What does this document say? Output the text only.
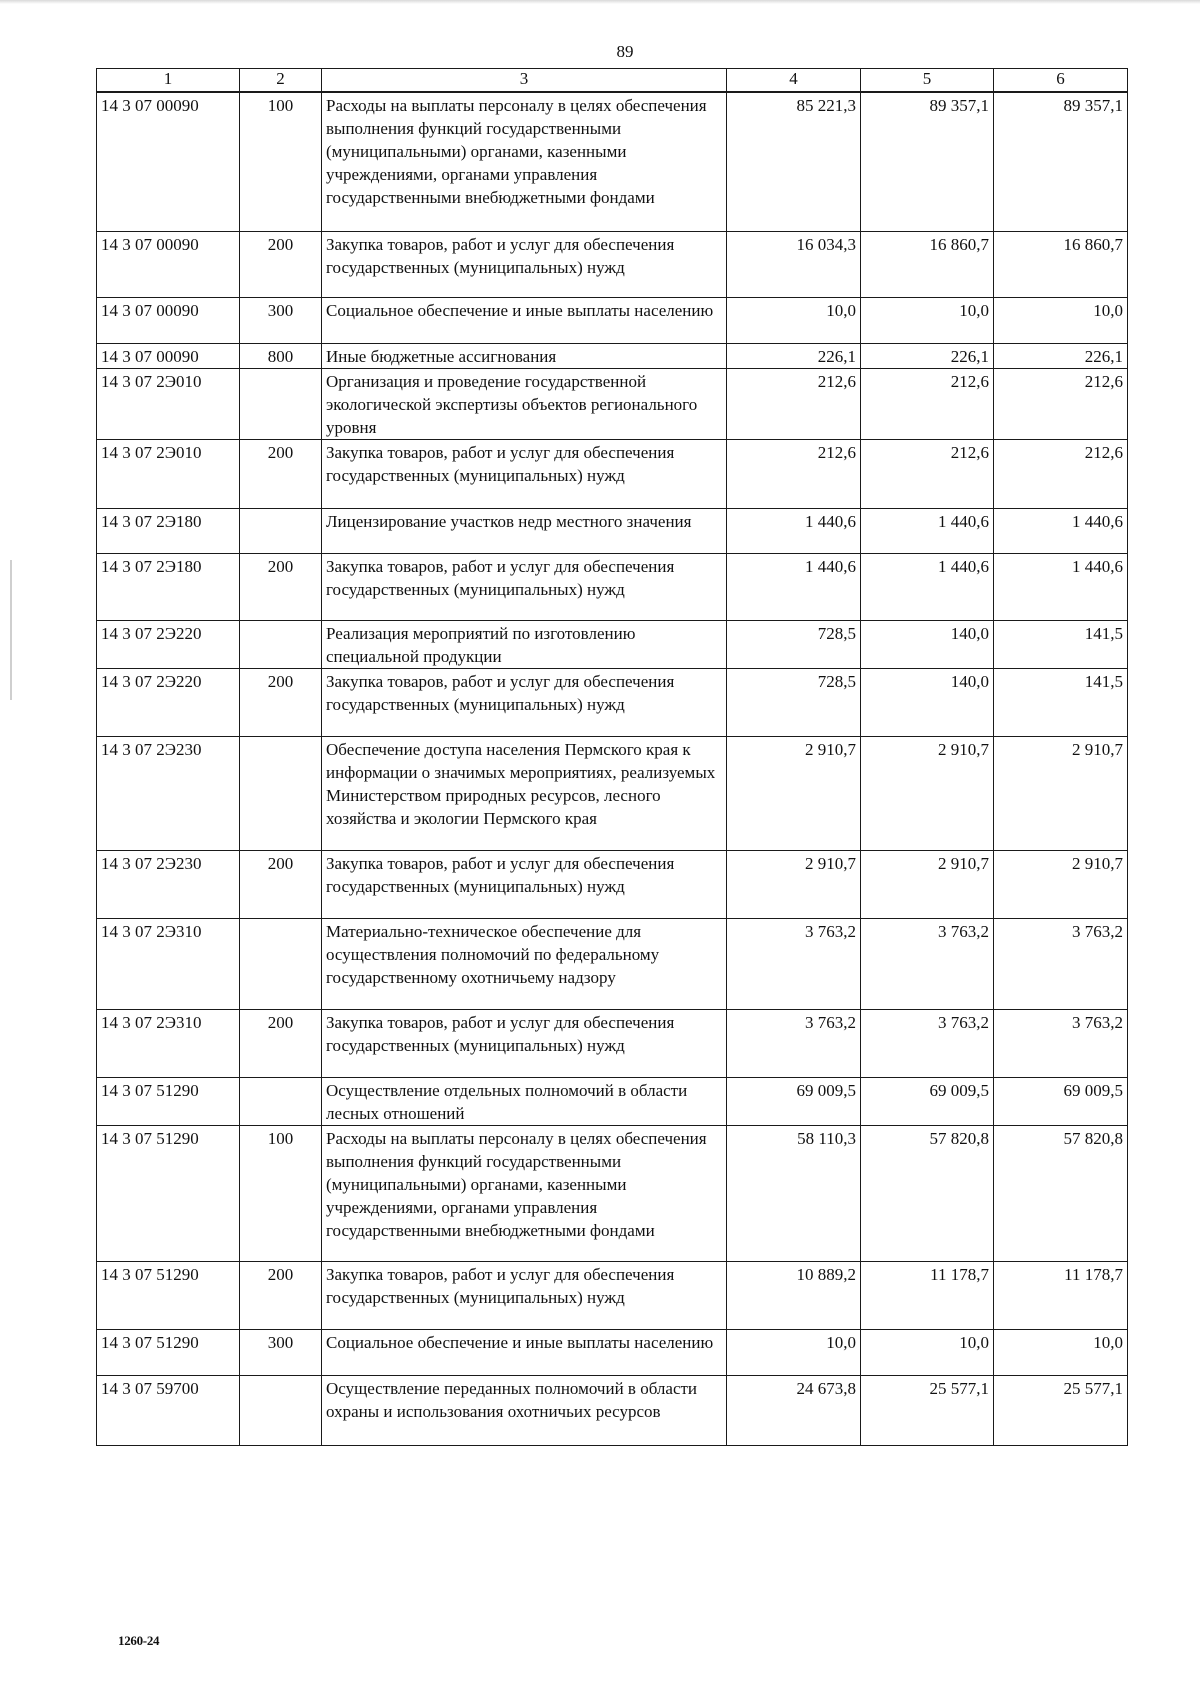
89
1	2	3	4	5	6
14 3 07 00090	100	Расходы на выплаты персоналу в целях обеспечения выполнения функций государственными (муниципальными) органами, казенными учреждениями, органами управления государственными внебюджетными фондами	85 221,3	89 357,1	89 357,1
14 3 07 00090	200	Закупка товаров, работ и услуг для обеспечения государственных (муниципальных) нужд	16 034,3	16 860,7	16 860,7
14 3 07 00090	300	Социальное обеспечение и иные выплаты населению	10,0	10,0	10,0
14 3 07 00090	800	Иные бюджетные ассигнования	226,1	226,1	226,1
14 3 07 2Э010		Организация и проведение государственной экологической экспертизы объектов регионального уровня	212,6	212,6	212,6
14 3 07 2Э010	200	Закупка товаров, работ и услуг для обеспечения государственных (муниципальных) нужд	212,6	212,6	212,6
14 3 07 2Э180		Лицензирование участков недр местного значения	1 440,6	1 440,6	1 440,6
14 3 07 2Э180	200	Закупка товаров, работ и услуг для обеспечения государственных (муниципальных) нужд	1 440,6	1 440,6	1 440,6
14 3 07 2Э220		Реализация мероприятий по изготовлению специальной продукции	728,5	140,0	141,5
14 3 07 2Э220	200	Закупка товаров, работ и услуг для обеспечения государственных (муниципальных) нужд	728,5	140,0	141,5
14 3 07 2Э230		Обеспечение доступа населения Пермского края к информации о значимых мероприятиях, реализуемых Министерством природных ресурсов, лесного хозяйства и экологии Пермского края	2 910,7	2 910,7	2 910,7
14 3 07 2Э230	200	Закупка товаров, работ и услуг для обеспечения государственных (муниципальных) нужд	2 910,7	2 910,7	2 910,7
14 3 07 2Э310		Материально-техническое обеспечение для осуществления полномочий по федеральному государственному охотничьему надзору	3 763,2	3 763,2	3 763,2
14 3 07 2Э310	200	Закупка товаров, работ и услуг для обеспечения государственных (муниципальных) нужд	3 763,2	3 763,2	3 763,2
14 3 07 51290		Осуществление отдельных полномочий в области лесных отношений	69 009,5	69 009,5	69 009,5
14 3 07 51290	100	Расходы на выплаты персоналу в целях обеспечения выполнения функций государственными (муниципальными) органами, казенными учреждениями, органами управления государственными внебюджетными фондами	58 110,3	57 820,8	57 820,8
14 3 07 51290	200	Закупка товаров, работ и услуг для обеспечения государственных (муниципальных) нужд	10 889,2	11 178,7	11 178,7
14 3 07 51290	300	Социальное обеспечение и иные выплаты населению	10,0	10,0	10,0
14 3 07 59700		Осуществление переданных полномочий в области охраны и использования охотничьих ресурсов	24 673,8	25 577,1	25 577,1
1260-24
